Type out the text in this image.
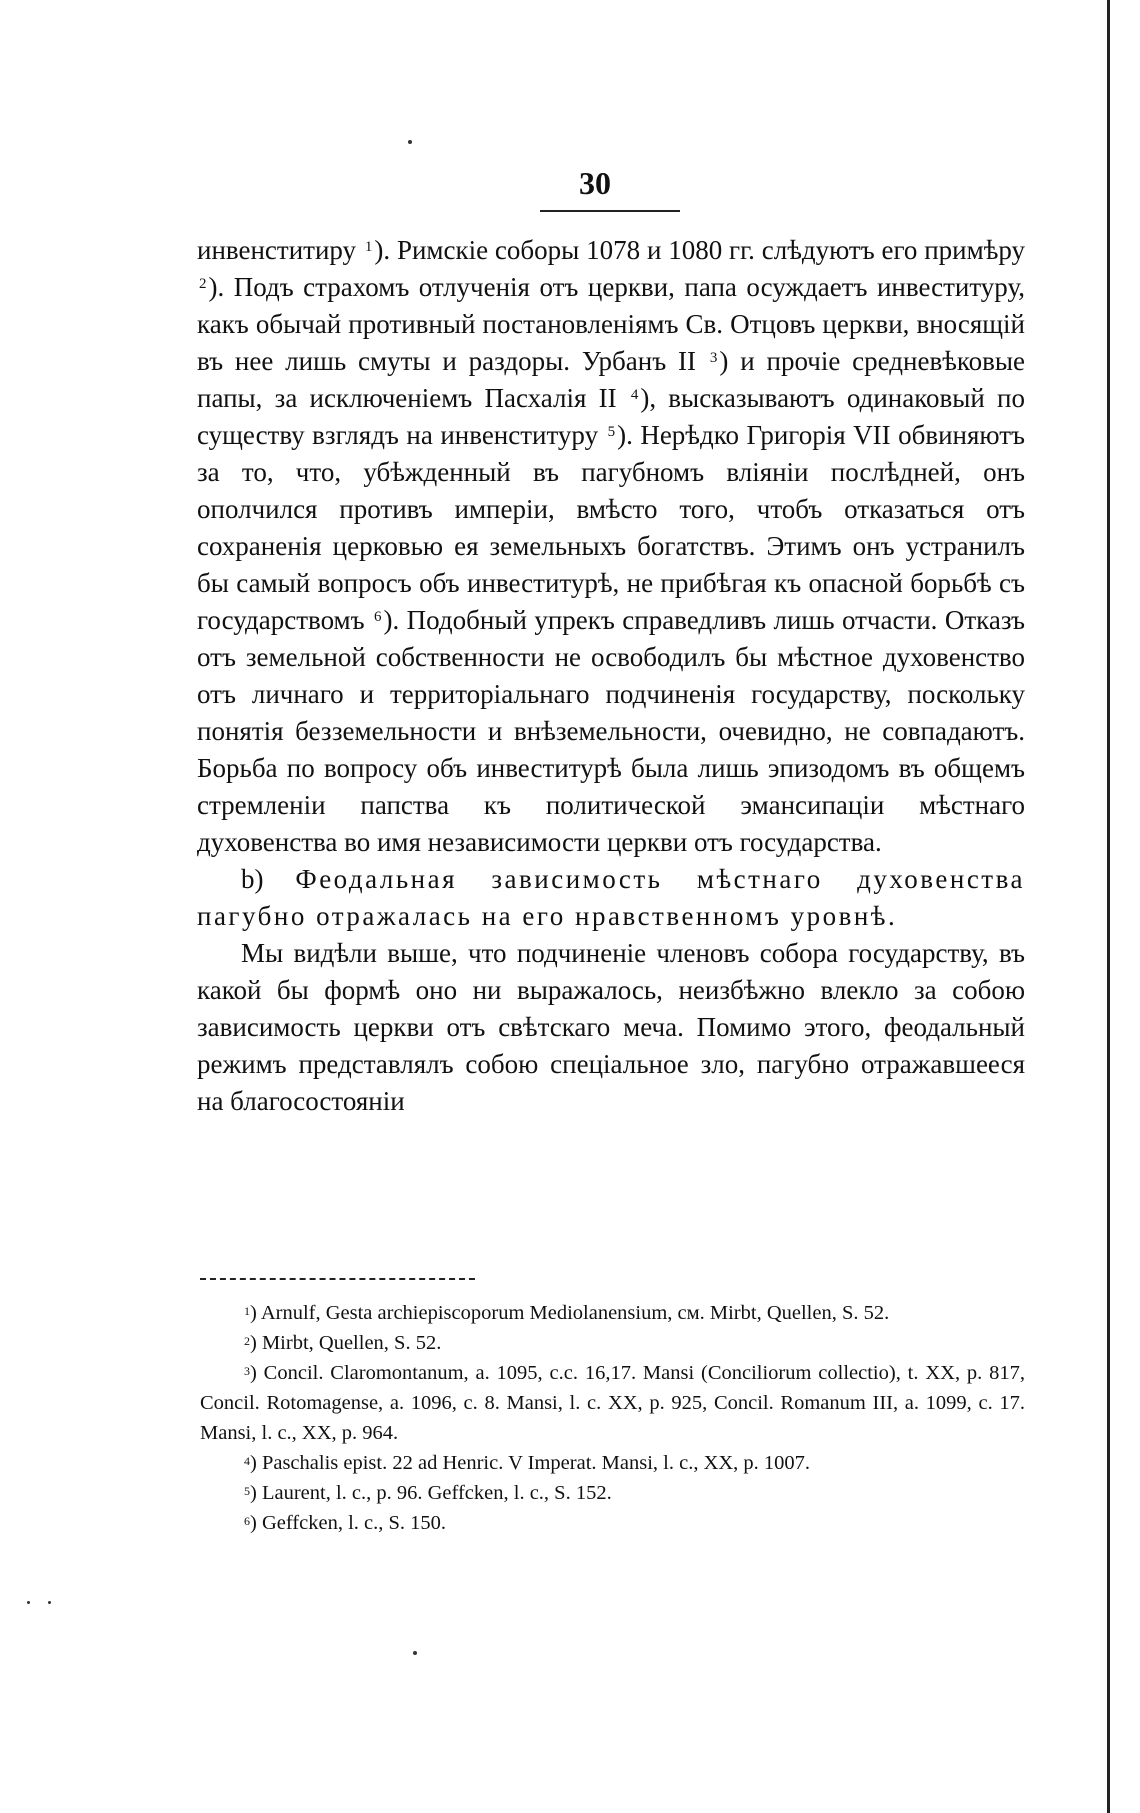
30

инвенститиру $^1$). Римскіе соборы 1078 и 1080 гг. слѣдуютъ его примѣру $^2$). Подъ страхомъ отлученія отъ церкви, папа осуждаетъ инвеституру, какъ обычай противный постановленіямъ Св. Отцовъ церкви, вносящій въ нее лишь смуты и раздоры. Урбанъ II $^3$) и прочіе средневѣковые папы, за исключеніемъ Пасхалія II $^4$), высказываютъ одинаковый по существу взглядъ на инвенституру $^5$). Нерѣдко Григорія VII обвиняютъ за то, что, убѣжденный въ пагубномъ вліяніи послѣдней, онъ ополчился противъ имперіи, вмѣсто того, чтобъ отказаться отъ сохраненія церковью ея земельныхъ богатствъ. Этимъ онъ устранилъ бы самый вопросъ объ инвеститурѣ, не прибѣгая къ опасной борьбѣ съ государствомъ $^6$). Подобный упрекъ справедливъ лишь отчасти. Отказъ отъ земельной собственности не освободилъ бы мѣстное духовенство отъ личнаго и территоріальнаго подчиненія государству, поскольку понятія безземельности и внѣземельности, очевидно, не совпадаютъ. Борьба по вопросу объ инвеститурѣ была лишь эпизодомъ въ общемъ стремленіи папства къ политической эмансипаціи мѣстнаго духовенства во имя независимости церкви отъ государства.

b) Феодальная зависимость мѣстнаго духовенства пагубно отражалась на его нравственномъ уровнѣ.

Мы видѣли выше, что подчиненіе членовъ собора государству, въ какой бы формѣ оно ни выражалось, неизбѣжно влекло за собою зависимость церкви отъ свѣтскаго меча. Помимо этого, феодальный режимъ представлялъ собою спеціальное зло, пагубно отражавшееся на благосостояніи

$^1$) Arnulf, Gesta archiepiscoporum Mediolanensium, см. Mirbt, Quellen, S. 52.

$^2$) Mirbt, Quellen, S. 52.

$^3$) Concil. Claromontanum, a. 1095, c.c. 16,17. Mansi (Conciliorum collectio), t. XX, p. 817, Concil. Rotomagense, a. 1096, c. 8. Mansi, l. c. XX, p. 925, Concil. Romanum III, a. 1099, c. 17. Mansi, l. c., XX, p. 964.

$^4$) Paschalis epist. 22 ad Henric. V Imperat. Mansi, l. c., XX, p. 1007.

$^5$) Laurent, l. c., p. 96. Geffcken, l. c., S. 152.

$^6$) Geffcken, l. c., S. 150.
